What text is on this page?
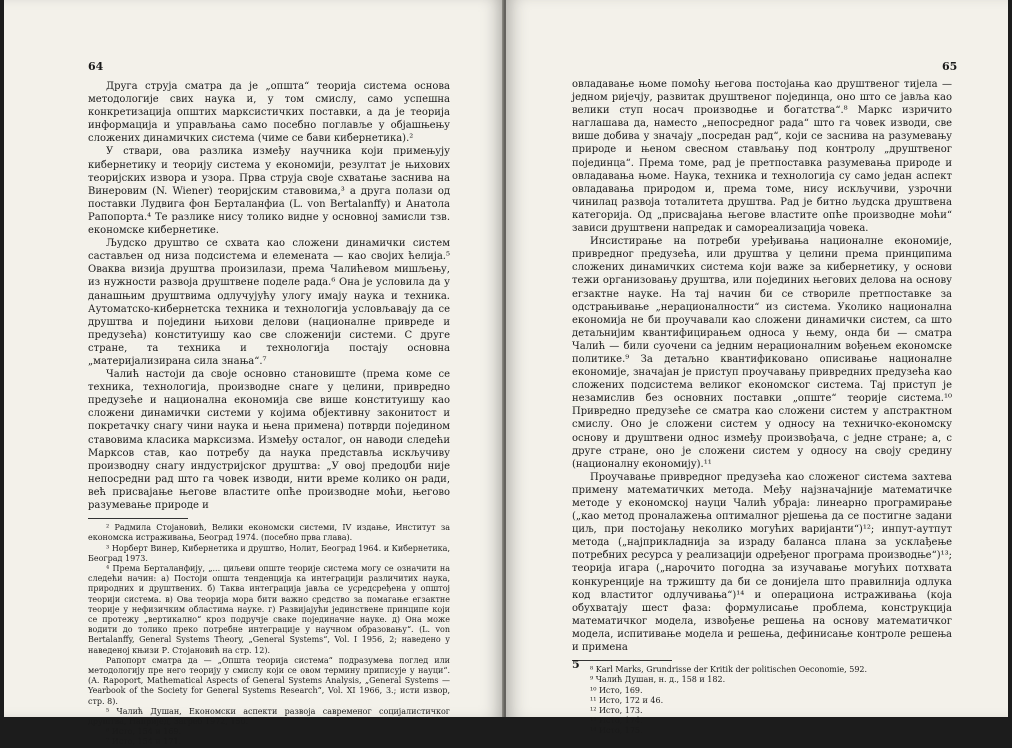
64

Друга струја сматра да је „општа“ теорија система основа методологије свих наука и, у том смислу, само успешна конкретизација општих марксистичких поставки, а да је теорија информација и управљања само посебно поглавље у објашњењу сложених динамичких система (чиме се бави кибернетика).²

У ствари, ова разлика између научника који примењују кибернетику и теорију система у економији, резултат је њихових теоријских извора и узора. Прва струја своје схватање заснива на Винеровим (N. Wiener) теоријским ставовима,³ а друга полази од поставки Лудвига фон Берталанфиа (L. von Bertalanffy) и Анатола Рапопорта.⁴ Те разлике нису толико видне у основној замисли тзв. економске кибернетике.

Људско друштво се схвата као сложени динамички систем састављен од низа подсистема и елемената — као својих ћелија.⁵ Оваква визија друштва произилази, према Чалићевом мишљењу, из нужности развоја друштвене поделе рада.⁶ Она је условила да у данашњим друштвима одлучујућу улогу имају наука и техника. Аутоматско-кибернетска техника и технологија условљавају да се друштва и поједини њихови делови (националне привреде и предузећа) конституишу као све сложенији системи. С друге стране, та техника и технологија постају основна „материјализирана сила знања“.⁷

Чалић настоји да своје основно становиште (према коме се техника, технологија, производне снаге у целини, привредно предузеће и национална економија све више конституишу као сложени динамички системи у којима објективну законитост и покретачку снагу чини наука и њена примена) потврди поједином ставовима класика марксизма. Између осталог, он наводи следећи Марксов став, као потребу да наука представља искључиву производну снагу индустријског друштва: „У овој предоџби није непосредни рад што га човек изводи, нити време колико он ради, већ присвајање његове властите опће производне моћи, његово разумевање природе и

² Радмила Стојановић, Велики економски системи, IV издање, Институт за економска истраживања, Београд 1974. (посебно прва глава).

³ Норберт Винер, Кибернетика и друштво, Нолит, Београд 1964. и Кибернетика, Београд 1973.

⁴ Према Берталанфију, „... циљеви опште теорије система могу се означити на следећи начин: а) Постоји општа тенденција ка интеграцији различитих наука, природних и друштвених. б) Таква интеграција јавља се усредсређена у општој теорији система. в) Ова теорија мора бити важно средство за помагање егзактне теорије у нефизичким областима науке. г) Развијајући јединствене принципе који се протежу „вертикално“ кроз подручје сваке појединачне науке. д) Она може водити до толико преко потребне интеграције у научном образовању“. (L. von Bertalanffy, General Systems Theory, „General Systems“, Vol. I 1956, 2; наведено у наведеној књизи Р. Стојановић на стр. 12).

Рапопорт сматра да — „Општа теорија система“ подразумева поглед или методологију пре него теорију у смислу који се овом термину приписује у науци“. (A. Rapoport, Mathematical Aspects of General Systems Analysis, „General Systems — Yearbook of the Society for General Systems Research“, Vol. XI 1966, 3.; исти извор, стр. 8).

⁵ Чалић Душан, Економски аспекти развоја савременог социјалистичког друштва, Напријед, Загреб 1972, 150.

⁶ Исто, 154 и 169.

⁷ Исто, 154 и 171.

65

овладавање њоме помоћу његова постојања као друштвеног тијела — једном ријечју, развитак друштвеног појединца, оно што се јавља као велики ступ носач производње и богатства“.⁸ Маркс изричито наглашава да, наместо „непосредног рада“ што га човек изводи, све више добива у значају „посредан рад“, који се заснива на разумевању природе и њеном свесном стављању под контролу „друштвеног појединца“. Према томе, рад је претпоставка разумевања природе и овладавања њоме. Наука, техника и технологија су само један аспект овладавања природом и, према томе, нису искључиви, узрочни чинилац развоја тоталитета друштва. Рад је битно људска друштвена категорија. Од „присвајања његове властите опће производне моћи“ зависи друштвени напредак и самореализација човека.

Инсистирање на потреби уређивања националне економије, привредног предузећа, или друштва у целини према принципима сложених динамичких система који важе за кибернетику, у основи тежи организовању друштва, или појединих његових делова на основу егзактне науке. На тај начин би се створиле претпоставке за одстрањивање „нерационалности“ из система. Уколико национална економија не би проучавали као сложени динамички систем, са што детаљнијим квантифицирањем односа у њему, онда би — сматра Чалић — били суочени са једним нерационалним вођењем економске политике.⁹ За детаљно квантификовано описивање националне економије, значајан је приступ проучавању привредних предузећа као сложених подсистема великог економског система. Тај приступ је незамислив без основних поставки „опште“ теорије система.¹⁰ Привредно предузеће се сматра као сложени систем у апстрактном смислу. Оно је сложени систем у односу на техничко-економску основу и друштвени однос између произвођача, с једне стране; а, с друге стране, оно је сложени систем у односу на своју средину (националну економију).¹¹

Проучавање привредног предузећа као сложеног система захтева примену математичких метода. Међу најзначајније математичке методе у економској науци Чалић убраја: линеарно програмирање („као метод проналажења оптималног рјешења да се постигне задани циљ, при постојању неколико могућих варијанти“)¹²; инпут-аутпут метода („најприкладнија за израду баланса плана за усклађење потребних ресурса у реализацији одређеног програма производње“)¹³; теорија игара („нарочито погодна за изучавање могућих потхвата конкуренције на тржишту да би се донијела што правилнија одлука код властитог одлучивања“)¹⁴ и операциона истраживања (која обухватају шест фаза: формулисање проблема, конструкција математичког модела, извођење решења на основу математичког модела, испитивање модела и решења, дефинисање контроле решења и примена

⁸ Karl Marks, Grundrisse der Kritik der politischen Oeconomie, 592.

⁹ Чалић Душан, н. д., 158 и 182.

¹⁰ Исто, 169.

¹¹ Исто, 172 и 46.

¹² Исто, 173.

¹³ Исто, 174.

¹⁴ Исто, 175.

5
